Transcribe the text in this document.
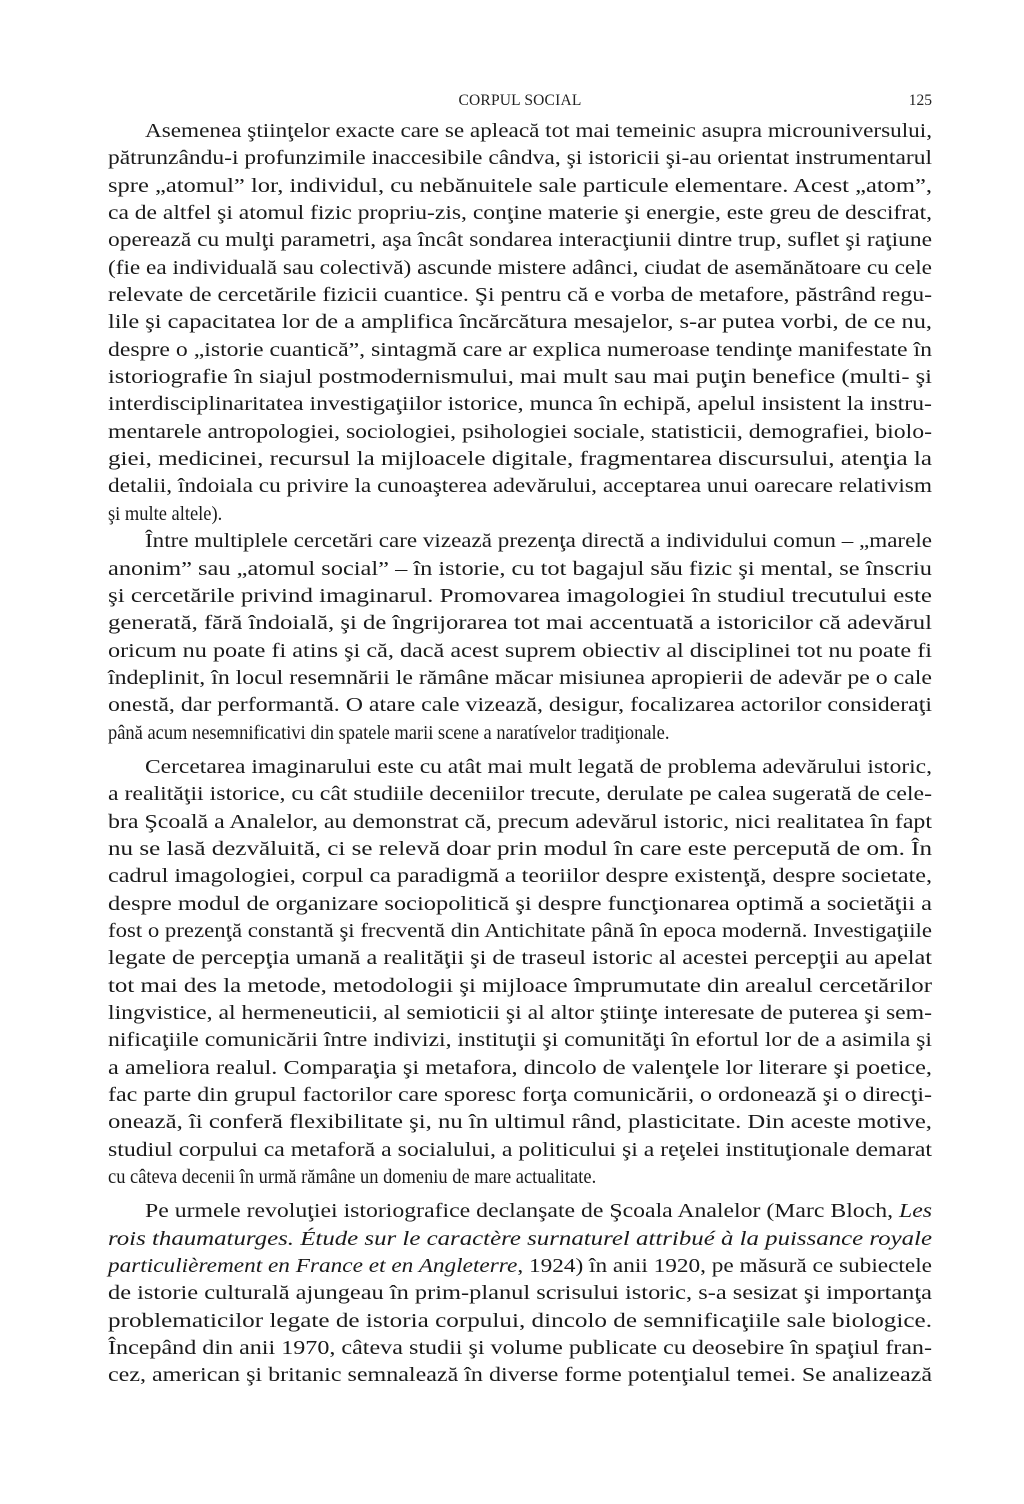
CORPUL SOCIAL	125
Asemenea ştiinţelor exacte care se apleacă tot mai temeinic asupra microuniversului,
pătrunzându-i profunzimile inaccesibile cândva, şi istoricii şi-au orientat instrumentarul
spre „atomul” lor, individul, cu nebănuitele sale particule elementare. Acest „atom”,
ca de altfel şi atomul fizic propriu-zis, conţine materie şi energie, este greu de descifrat,
operează cu mulţi parametri, aşa încât sondarea interacţiunii dintre trup, suflet şi raţiune
(fie ea individuală sau colectivă) ascunde mistere adânci, ciudat de asemănătoare cu cele
relevate de cercetările fizicii cuantice. Şi pentru că e vorba de metafore, păstrând regu-
lile şi capacitatea lor de a amplifica încărcătura mesajelor, s-ar putea vorbi, de ce nu,
despre o „istorie cuantică”, sintagmă care ar explica numeroase tendinţe manifestate în
istoriografie în siajul postmodernismului, mai mult sau mai puţin benefice (multi- şi
interdisciplinaritatea investigaţiilor istorice, munca în echipă, apelul insistent la instru-
mentarele antropologiei, sociologiei, psihologiei sociale, statisticii, demografiei, biolo-
giei, medicinei, recursul la mijloacele digitale, fragmentarea discursului, atenţia la
detalii, îndoiala cu privire la cunoaşterea adevărului, acceptarea unui oarecare relativism
şi multe altele).
Între multiplele cercetări care vizează prezenţa directă a individului comun – „marele
anonim” sau „atomul social” – în istorie, cu tot bagajul său fizic şi mental, se înscriu
şi cercetările privind imaginarul. Promovarea imagologiei în studiul trecutului este
generată, fără îndoială, şi de îngrijorarea tot mai accentuată a istoricilor că adevărul
oricum nu poate fi atins şi că, dacă acest suprem obiectiv al disciplinei tot nu poate fi
îndeplinit, în locul resemnării le rămâne măcar misiunea apropierii de adevăr pe o cale
onestă, dar performantă. O atare cale vizează, desigur, focalizarea actorilor consideraţi
până acum nesemnificativi din spatele marii scene a naratívelor tradiţionale.
Cercetarea imaginarului este cu atât mai mult legată de problema adevărului istoric,
a realităţii istorice, cu cât studiile deceniilor trecute, derulate pe calea sugerată de cele-
bra Şcoală a Analelor, au demonstrat că, precum adevărul istoric, nici realitatea în fapt
nu se lasă dezvăluită, ci se relevă doar prin modul în care este percepută de om. În
cadrul imagologiei, corpul ca paradigmă a teoriilor despre existenţă, despre societate,
despre modul de organizare sociopolitică şi despre funcţionarea optimă a societăţii a
fost o prezenţă constantă şi frecventă din Antichitate până în epoca modernă. Investigaţiile
legate de percepţia umană a realităţii şi de traseul istoric al acestei percepţii au apelat
tot mai des la metode, metodologii şi mijloace împrumutate din arealul cercetărilor
lingvistice, al hermeneuticii, al semioticii şi al altor ştiinţe interesate de puterea şi sem-
nificaţiile comunicării între indivizi, instituţii şi comunităţi în efortul lor de a asimila şi
a ameliora realul. Comparaţia şi metafora, dincolo de valenţele lor literare şi poetice,
fac parte din grupul factorilor care sporesc forţa comunicării, o ordonează şi o direcţi-
onează, îi conferă flexibilitate şi, nu în ultimul rând, plasticitate. Din aceste motive,
studiul corpului ca metaforă a socialului, a politicului şi a reţelei instituţionale demarat
cu câteva decenii în urmă rămâne un domeniu de mare actualitate.
Pe urmele revoluţiei istoriografice declanşate de Şcoala Analelor (Marc Bloch, Les
rois thaumaturges. Étude sur le caractère surnaturel attribué à la puissance royale
particulièrement en France et en Angleterre, 1924) în anii 1920, pe măsură ce subiectele
de istorie culturală ajungeau în prim-planul scrisului istoric, s-a sesizat şi importanţa
problematicilor legate de istoria corpului, dincolo de semnificaţiile sale biologice.
Începând din anii 1970, câteva studii şi volume publicate cu deosebire în spaţiul fran-
cez, american şi britanic semnalează în diverse forme potenţialul temei. Se analizează
